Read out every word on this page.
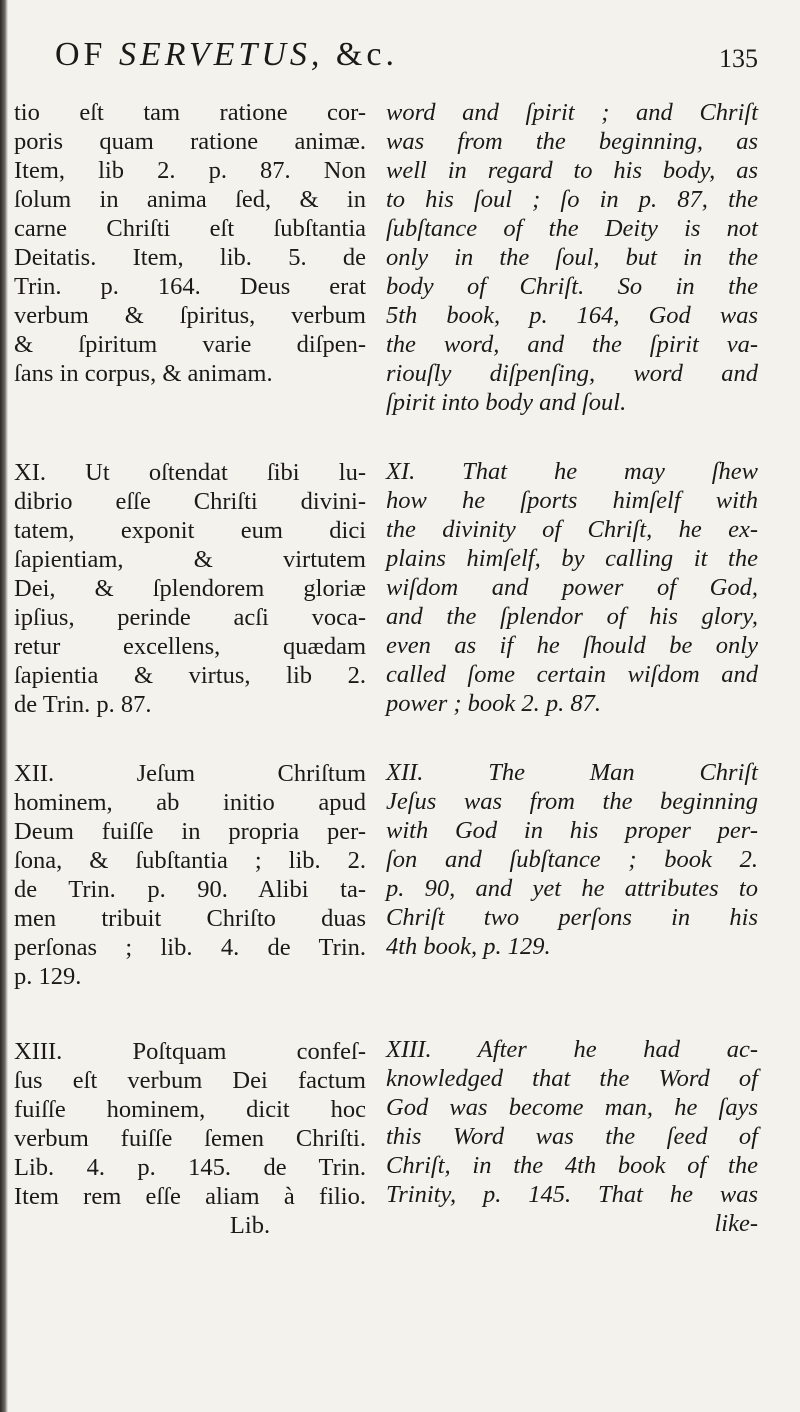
OF SERVETUS, &c.	135
tio eſt tam ratione cor-
poris quam ratione animæ.
Item, lib 2. p. 87. Non
ſolum in anima ſed, & in
carne Chriſti eſt ſubſtantia
Deitatis. Item, lib. 5. de
Trin. p. 164. Deus erat
verbum & ſpiritus, verbum
& ſpiritum varie diſpen-
ſans in corpus, & animam.
XI. Ut oſtendat ſibi lu-
dibrio eſſe Chriſti divini-
tatem, exponit eum dici
ſapientiam, & virtutem
Dei, & ſplendorem gloriæ
ipſius, perinde acſi voca-
retur excellens, quædam
ſapientia & virtus, lib 2.
de Trin. p. 87.
XII. Jeſum Chriſtum
hominem, ab initio apud
Deum fuiſſe in propria per-
ſona, & ſubſtantia ; lib. 2.
de Trin. p. 90. Alibi ta-
men tribuit Chriſto duas
perſonas ; lib. 4. de Trin.
p. 129.
XIII. Poſtquam confeſ-
ſus eſt verbum Dei factum
fuiſſe hominem, dicit hoc
verbum fuiſſe ſemen Chriſti.
Lib. 4. p. 145. de Trin.
Item rem eſſe aliam à filio.
Lib.
word and ſpirit ; and Chriſt
was from the beginning, as
well in regard to his body, as
to his ſoul ; ſo in p. 87, the
ſubſtance of the Deity is not
only in the ſoul, but in the
body of Chriſt. So in the
5th book, p. 164, God was
the word, and the ſpirit va-
riouſly diſpenſing, word and
ſpirit into body and ſoul.
XI. That he may ſhew
how he ſports himſelf with
the divinity of Chriſt, he ex-
plains himſelf, by calling it the
wiſdom and power of God,
and the ſplendor of his glory,
even as if he ſhould be only
called ſome certain wiſdom and
power ; book 2. p. 87.
XII. The Man Chriſt
Jeſus was from the beginning
with God in his proper per-
ſon and ſubſtance ; book 2.
p. 90, and yet he attributes to
Chriſt two perſons in his
4th book, p. 129.
XIII. After he had ac-
knowledged that the Word of
God was become man, he ſays
this Word was the ſeed of
Chriſt, in the 4th book of the
Trinity, p. 145. That he was
like-
